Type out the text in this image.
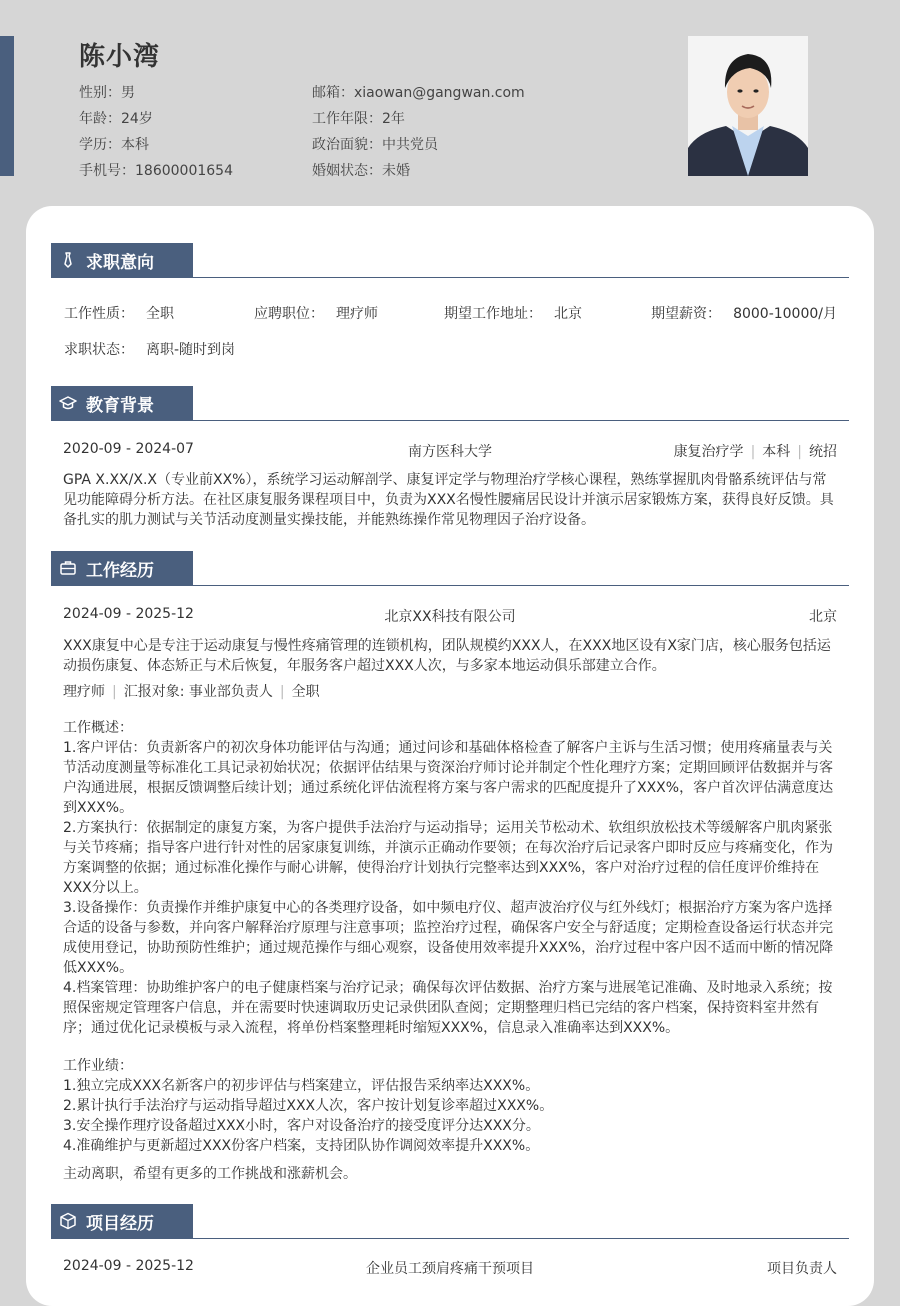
陈小湾
性别：男
年龄：24岁
学历：本科
手机号：18600001654
邮箱：xiaowan@gangwan.com
工作年限：2年
政治面貌：中共党员
婚姻状态：未婚
求职意向
工作性质： 全职	应聘职位： 理疗师	期望工作地址： 北京	期望薪资： 8000-10000/月
求职状态： 离职-随时到岗
教育背景
2020-09 - 2024-07	南方医科大学	康复治疗学 | 本科 | 统招
GPA X.XX/X.X（专业前XX%），系统学习运动解剖学、康复评定学与物理治疗学核心课程，熟练掌握肌肉骨骼系统评估与常见功能障碍分析方法。在社区康复服务课程项目中，负责为XXX名慢性腰痛居民设计并演示居家锻炼方案，获得良好反馈。具备扎实的肌力测试与关节活动度测量实操技能，并能熟练操作常见物理因子治疗设备。
工作经历
2024-09 - 2025-12	北京XX科技有限公司	北京
XXX康复中心是专注于运动康复与慢性疼痛管理的连锁机构，团队规模约XXX人，在XXX地区设有X家门店，核心服务包括运动损伤康复、体态矫正与术后恢复，年服务客户超过XXX人次，与多家本地运动俱乐部建立合作。
理疗师 | 汇报对象: 事业部负责人 | 全职
工作概述：
1.客户评估：负责新客户的初次身体功能评估与沟通；通过问诊和基础体格检查了解客户主诉与生活习惯；使用疼痛量表与关节活动度测量等标准化工具记录初始状况；依据评估结果与资深治疗师讨论并制定个性化理疗方案；定期回顾评估数据并与客户沟通进展，根据反馈调整后续计划；通过系统化评估流程将方案与客户需求的匹配度提升了XXX%，客户首次评估满意度达到XXX%。
2.方案执行：依据制定的康复方案，为客户提供手法治疗与运动指导；运用关节松动术、软组织放松技术等缓解客户肌肉紧张与关节疼痛；指导客户进行针对性的居家康复训练，并演示正确动作要领；在每次治疗后记录客户即时反应与疼痛变化，作为方案调整的依据；通过标准化操作与耐心讲解，使得治疗计划执行完整率达到XXX%，客户对治疗过程的信任度评价维持在XXX分以上。
3.设备操作：负责操作并维护康复中心的各类理疗设备，如中频电疗仪、超声波治疗仪与红外线灯；根据治疗方案为客户选择合适的设备与参数，并向客户解释治疗原理与注意事项；监控治疗过程，确保客户安全与舒适度；定期检查设备运行状态并完成使用登记，协助预防性维护；通过规范操作与细心观察，设备使用效率提升XXX%，治疗过程中客户因不适而中断的情况降低XXX%。
4.档案管理：协助维护客户的电子健康档案与治疗记录；确保每次评估数据、治疗方案与进展笔记准确、及时地录入系统；按照保密规定管理客户信息，并在需要时快速调取历史记录供团队查阅；定期整理归档已完结的客户档案，保持资料室井然有序；通过优化记录模板与录入流程，将单份档案整理耗时缩短XXX%，信息录入准确率达到XXX%。
工作业绩：
1.独立完成XXX名新客户的初步评估与档案建立，评估报告采纳率达XXX%。
2.累计执行手法治疗与运动指导超过XXX人次，客户按计划复诊率超过XXX%。
3.安全操作理疗设备超过XXX小时，客户对设备治疗的接受度评分达XXX分。
4.准确维护与更新超过XXX份客户档案，支持团队协作调阅效率提升XXX%。
主动离职，希望有更多的工作挑战和涨薪机会。
项目经历
2024-09 - 2025-12	企业员工颈肩疼痛干预项目	项目负责人
